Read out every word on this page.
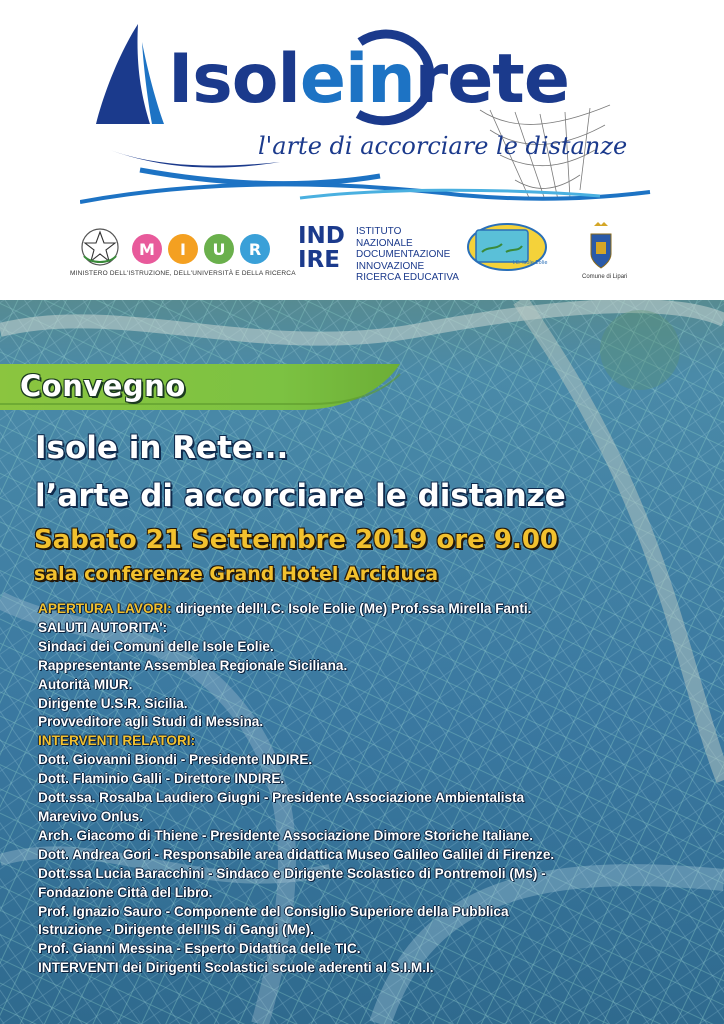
Isoleinrete
l'arte di accorciare le distanze
M I U R
MINISTERO DELL'ISTRUZIONE, DELL'UNIVERSITÀ E DELLA RICERCA
IND
IRE
ISTITUTO
NAZIONALE
DOCUMENTAZIONE
INNOVAZIONE
RICERCA EDUCATIVA
I.C. Isole Eolie
Comune di Lipari
Convegno
Isole in Rete...
l’arte di accorciare le distanze
Sabato 21 Settembre 2019 ore 9.00
sala conferenze Grand Hotel Arciduca
APERTURA LAVORI: dirigente dell'I.C. Isole Eolie (Me) Prof.ssa Mirella Fanti.
SALUTI AUTORITA':
Sindaci dei Comuni delle Isole Eolie.
Rappresentante Assemblea Regionale Siciliana.
Autorità MIUR.
Dirigente U.S.R. Sicilia.
Provveditore agli Studi di Messina.
INTERVENTI RELATORI:
Dott. Giovanni Biondi - Presidente INDIRE.
Dott. Flaminio Galli - Direttore INDIRE.
Dott.ssa. Rosalba Laudiero Giugni - Presidente Associazione Ambientalista
Marevivo Onlus.
Arch. Giacomo di Thiene - Presidente Associazione Dimore Storiche Italiane.
Dott. Andrea Gori - Responsabile area didattica Museo Galileo Galilei di Firenze.
Dott.ssa Lucia Baracchini - Sindaco e Dirigente Scolastico di Pontremoli (Ms) -
Fondazione Città del Libro.
Prof. Ignazio Sauro - Componente del Consiglio Superiore della Pubblica
Istruzione - Dirigente dell'IIS di Gangi (Me).
Prof. Gianni Messina - Esperto Didattica delle TIC.
INTERVENTI dei Dirigenti Scolastici scuole aderenti al S.I.M.I.
